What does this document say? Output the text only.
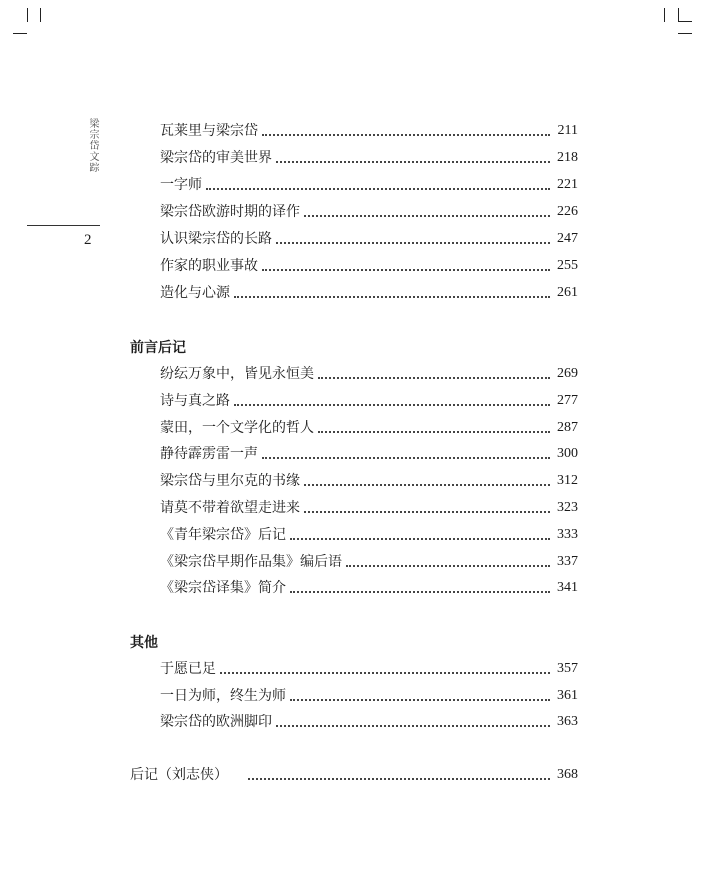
梁宗岱文踪
2
瓦莱里与梁宗岱	211
梁宗岱的审美世界	218
一字师	221
梁宗岱欧游时期的译作	226
认识梁宗岱的长路	247
作家的职业事故	255
造化与心源	261
前言后记
纷纭万象中，皆见永恒美	269
诗与真之路	277
蒙田，一个文学化的哲人	287
静待霹雳雷一声	300
梁宗岱与里尔克的书缘	312
请莫不带着欲望走进来	323
《青年梁宗岱》后记	333
《梁宗岱早期作品集》编后语	337
《梁宗岱译集》简介	341
其他
于愿已足	357
一日为师，终生为师	361
梁宗岱的欧洲脚印	363
后记（刘志侠）	368
